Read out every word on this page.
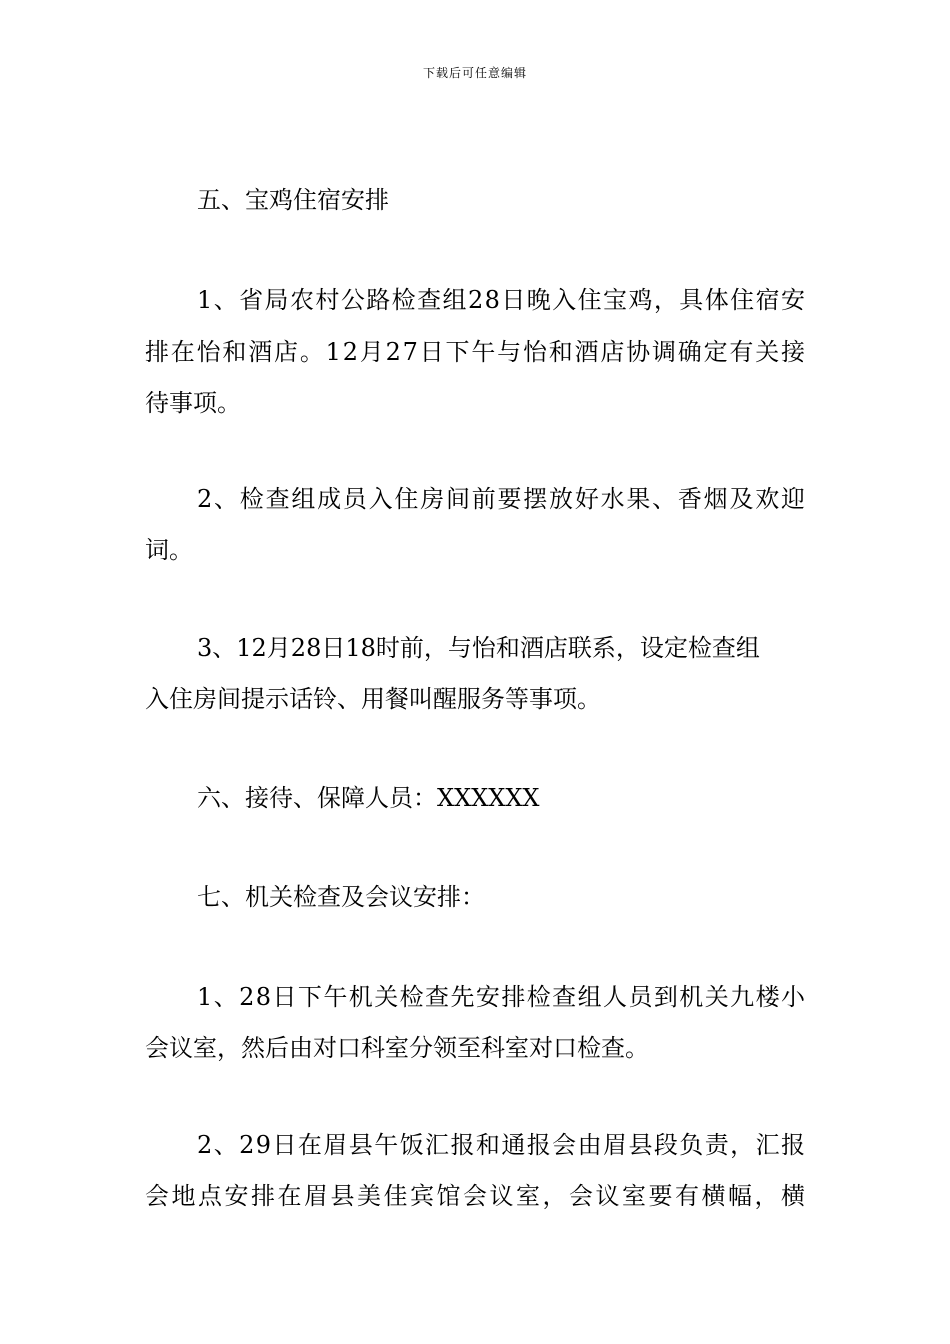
下载后可任意编辑
五、宝鸡住宿安排
1、省局农村公路检查组28日晚入住宝鸡，具体住宿安
排在怡和酒店。12月27日下午与怡和酒店协调确定有关接
待事项。
2、检查组成员入住房间前要摆放好水果、香烟及欢迎
词。
3、12月28日18时前，与怡和酒店联系，设定检查组
入住房间提示话铃、用餐叫醒服务等事项。
六、接待、保障人员：XXXXXX
七、机关检查及会议安排：
1、28日下午机关检查先安排检查组人员到机关九楼小
会议室，然后由对口科室分领至科室对口检查。
2、29日在眉县午饭汇报和通报会由眉县段负责，汇报
会地点安排在眉县美佳宾馆会议室，会议室要有横幅，横
